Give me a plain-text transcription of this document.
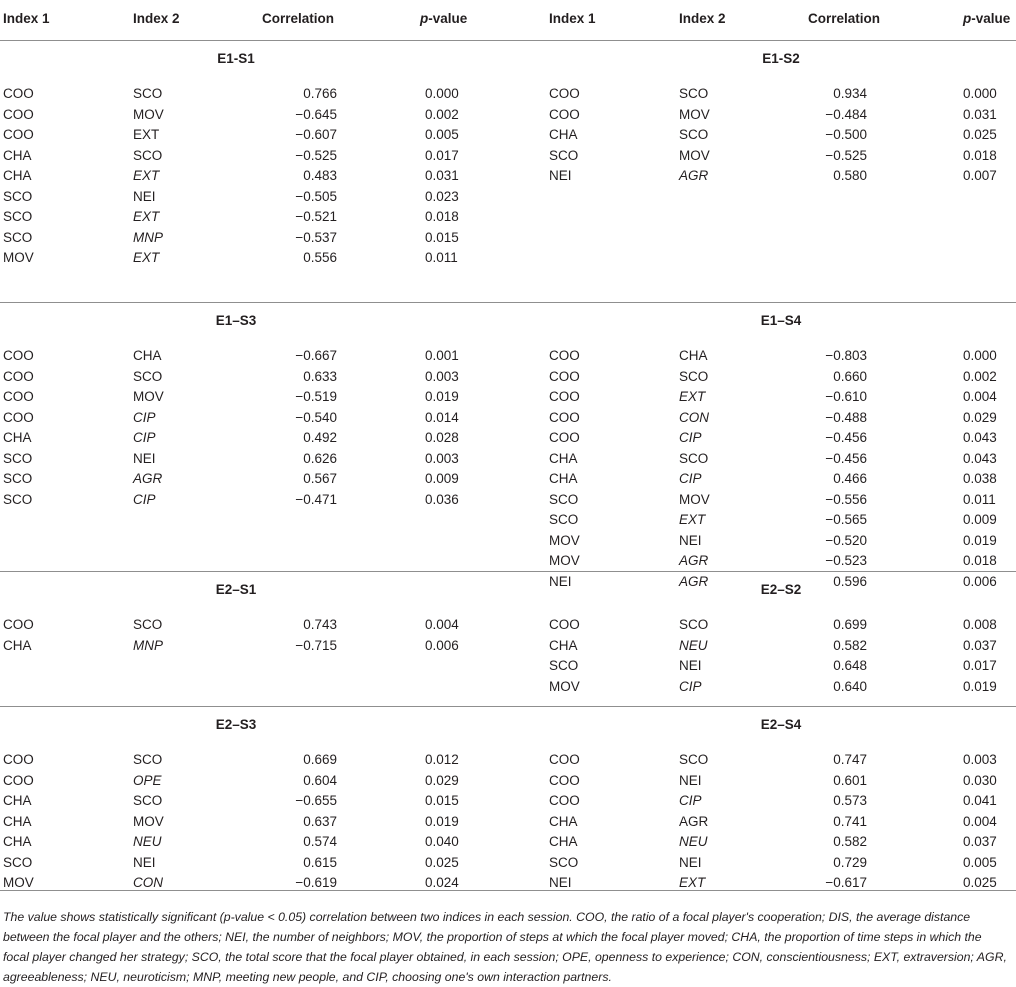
Index 1	Index 2	Correlation	p-value	Index 1	Index 2	Correlation	p-value
E1-S1
COO	SCO	0.766	0.000
COO	MOV	−0.645	0.002
COO	EXT	−0.607	0.005
CHA	SCO	−0.525	0.017
CHA	EXT	0.483	0.031
SCO	NEI	−0.505	0.023
SCO	EXT	−0.521	0.018
SCO	MNP	−0.537	0.015
MOV	EXT	0.556	0.011
E1-S2
COO	SCO	0.934	0.000
COO	MOV	−0.484	0.031
CHA	SCO	−0.500	0.025
SCO	MOV	−0.525	0.018
NEI	AGR	0.580	0.007
E1–S3
COO	CHA	−0.667	0.001
COO	SCO	0.633	0.003
COO	MOV	−0.519	0.019
COO	CIP	−0.540	0.014
CHA	CIP	0.492	0.028
SCO	NEI	0.626	0.003
SCO	AGR	0.567	0.009
SCO	CIP	−0.471	0.036
E1–S4
COO	CHA	−0.803	0.000
COO	SCO	0.660	0.002
COO	EXT	−0.610	0.004
COO	CON	−0.488	0.029
COO	CIP	−0.456	0.043
CHA	SCO	−0.456	0.043
CHA	CIP	0.466	0.038
SCO	MOV	−0.556	0.011
SCO	EXT	−0.565	0.009
MOV	NEI	−0.520	0.019
MOV	AGR	−0.523	0.018
NEI	AGR	0.596	0.006
E2–S1
COO	SCO	0.743	0.004
CHA	MNP	−0.715	0.006
E2–S2
COO	SCO	0.699	0.008
CHA	NEU	0.582	0.037
SCO	NEI	0.648	0.017
MOV	CIP	0.640	0.019
E2–S3
COO	SCO	0.669	0.012
COO	OPE	0.604	0.029
CHA	SCO	−0.655	0.015
CHA	MOV	0.637	0.019
CHA	NEU	0.574	0.040
SCO	NEI	0.615	0.025
MOV	CON	−0.619	0.024
E2–S4
COO	SCO	0.747	0.003
COO	NEI	0.601	0.030
COO	CIP	0.573	0.041
CHA	AGR	0.741	0.004
CHA	NEU	0.582	0.037
SCO	NEI	0.729	0.005
NEI	EXT	−0.617	0.025
The value shows statistically significant (p-value < 0.05) correlation between two indices in each session. COO, the ratio of a focal player's cooperation; DIS, the average distance
between the focal player and the others; NEI, the number of neighbors; MOV, the proportion of steps at which the focal player moved; CHA, the proportion of time steps in which the
focal player changed her strategy; SCO, the total score that the focal player obtained, in each session; OPE, openness to experience; CON, conscientiousness; EXT, extraversion; AGR,
agreeableness; NEU, neuroticism; MNP, meeting new people, and CIP, choosing one's own interaction partners.
